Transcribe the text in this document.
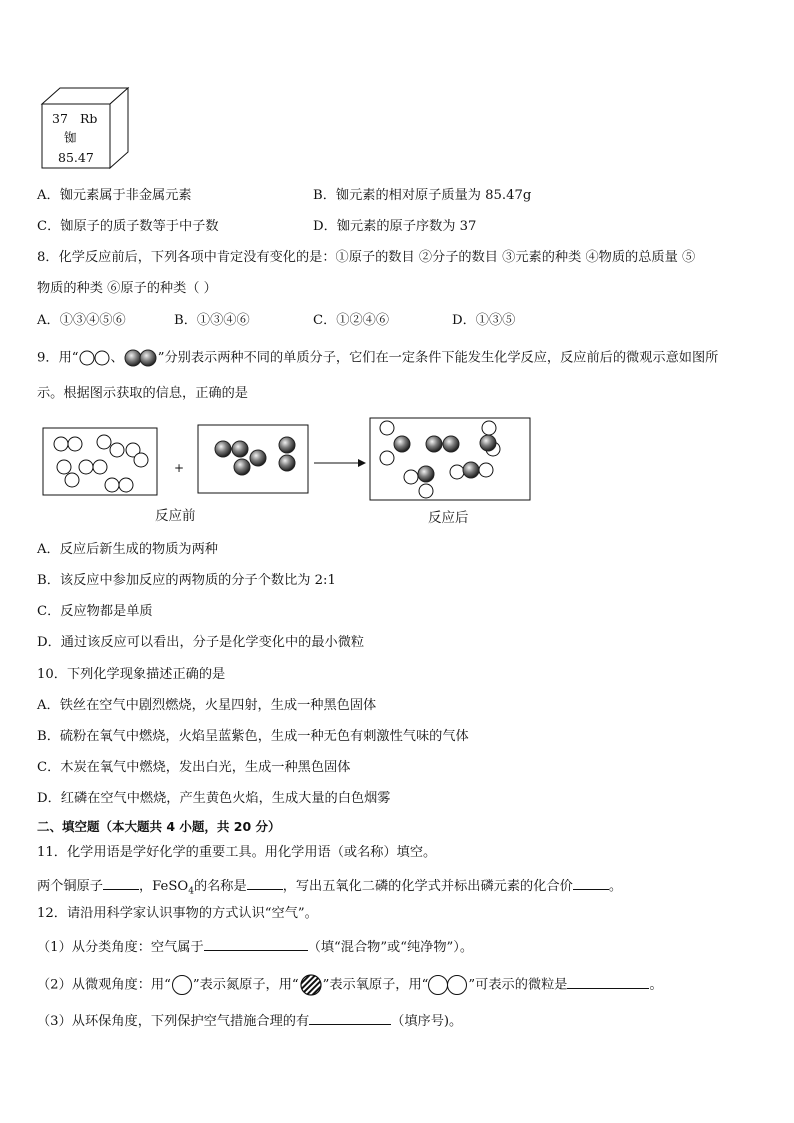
37 Rb
铷
85.47
A．铷元素属于非金属元素	B．铷元素的相对原子质量为 85.47g
C．铷原子的质子数等于中子数	D．铷元素的原子序数为 37
8．化学反应前后，下列各项中肯定没有变化的是：①原子的数目 ②分子的数目 ③元素的种类 ④物质的总质量 ⑤
物质的种类 ⑥原子的种类（ ）
A．①③④⑤⑥	B．①③④⑥	C．①②④⑥	D．①③⑤
9．用“ 、	”分别表示两种不同的单质分子，它们在一定条件下能发生化学反应，反应前后的微观示意如图所
示。根据图示获取的信息，正确的是
+
反应前	反应后
A．反应后新生成的物质为两种
B．该反应中参加反应的两物质的分子个数比为 2:1
C．反应物都是单质
D．通过该反应可以看出，分子是化学变化中的最小微粒
10．下列化学现象描述正确的是
A．铁丝在空气中剧烈燃烧，火星四射，生成一种黑色固体
B．硫粉在氧气中燃烧，火焰呈蓝紫色，生成一种无色有刺激性气味的气体
C．木炭在氧气中燃烧，发出白光，生成一种黑色固体
D．红磷在空气中燃烧，产生黄色火焰，生成大量的白色烟雾
二、填空题（本大题共 4 小题，共 20 分）
11．化学用语是学好化学的重要工具。用化学用语（或名称）填空。
两个铜原子	，FeSO$_4$的名称是	，写出五氧化二磷的化学式并标出磷元素的化合价	。
12．请沿用科学家认识事物的方式认识“空气”。
（1）从分类角度：空气属于	（填“混合物”或“纯净物”）。
（2）从微观角度：用“ ”表示氮原子，用“ ”表示氧原子，用“	”可表示的微粒是	。
（3）从环保角度，下列保护空气措施合理的有	（填序号)。
